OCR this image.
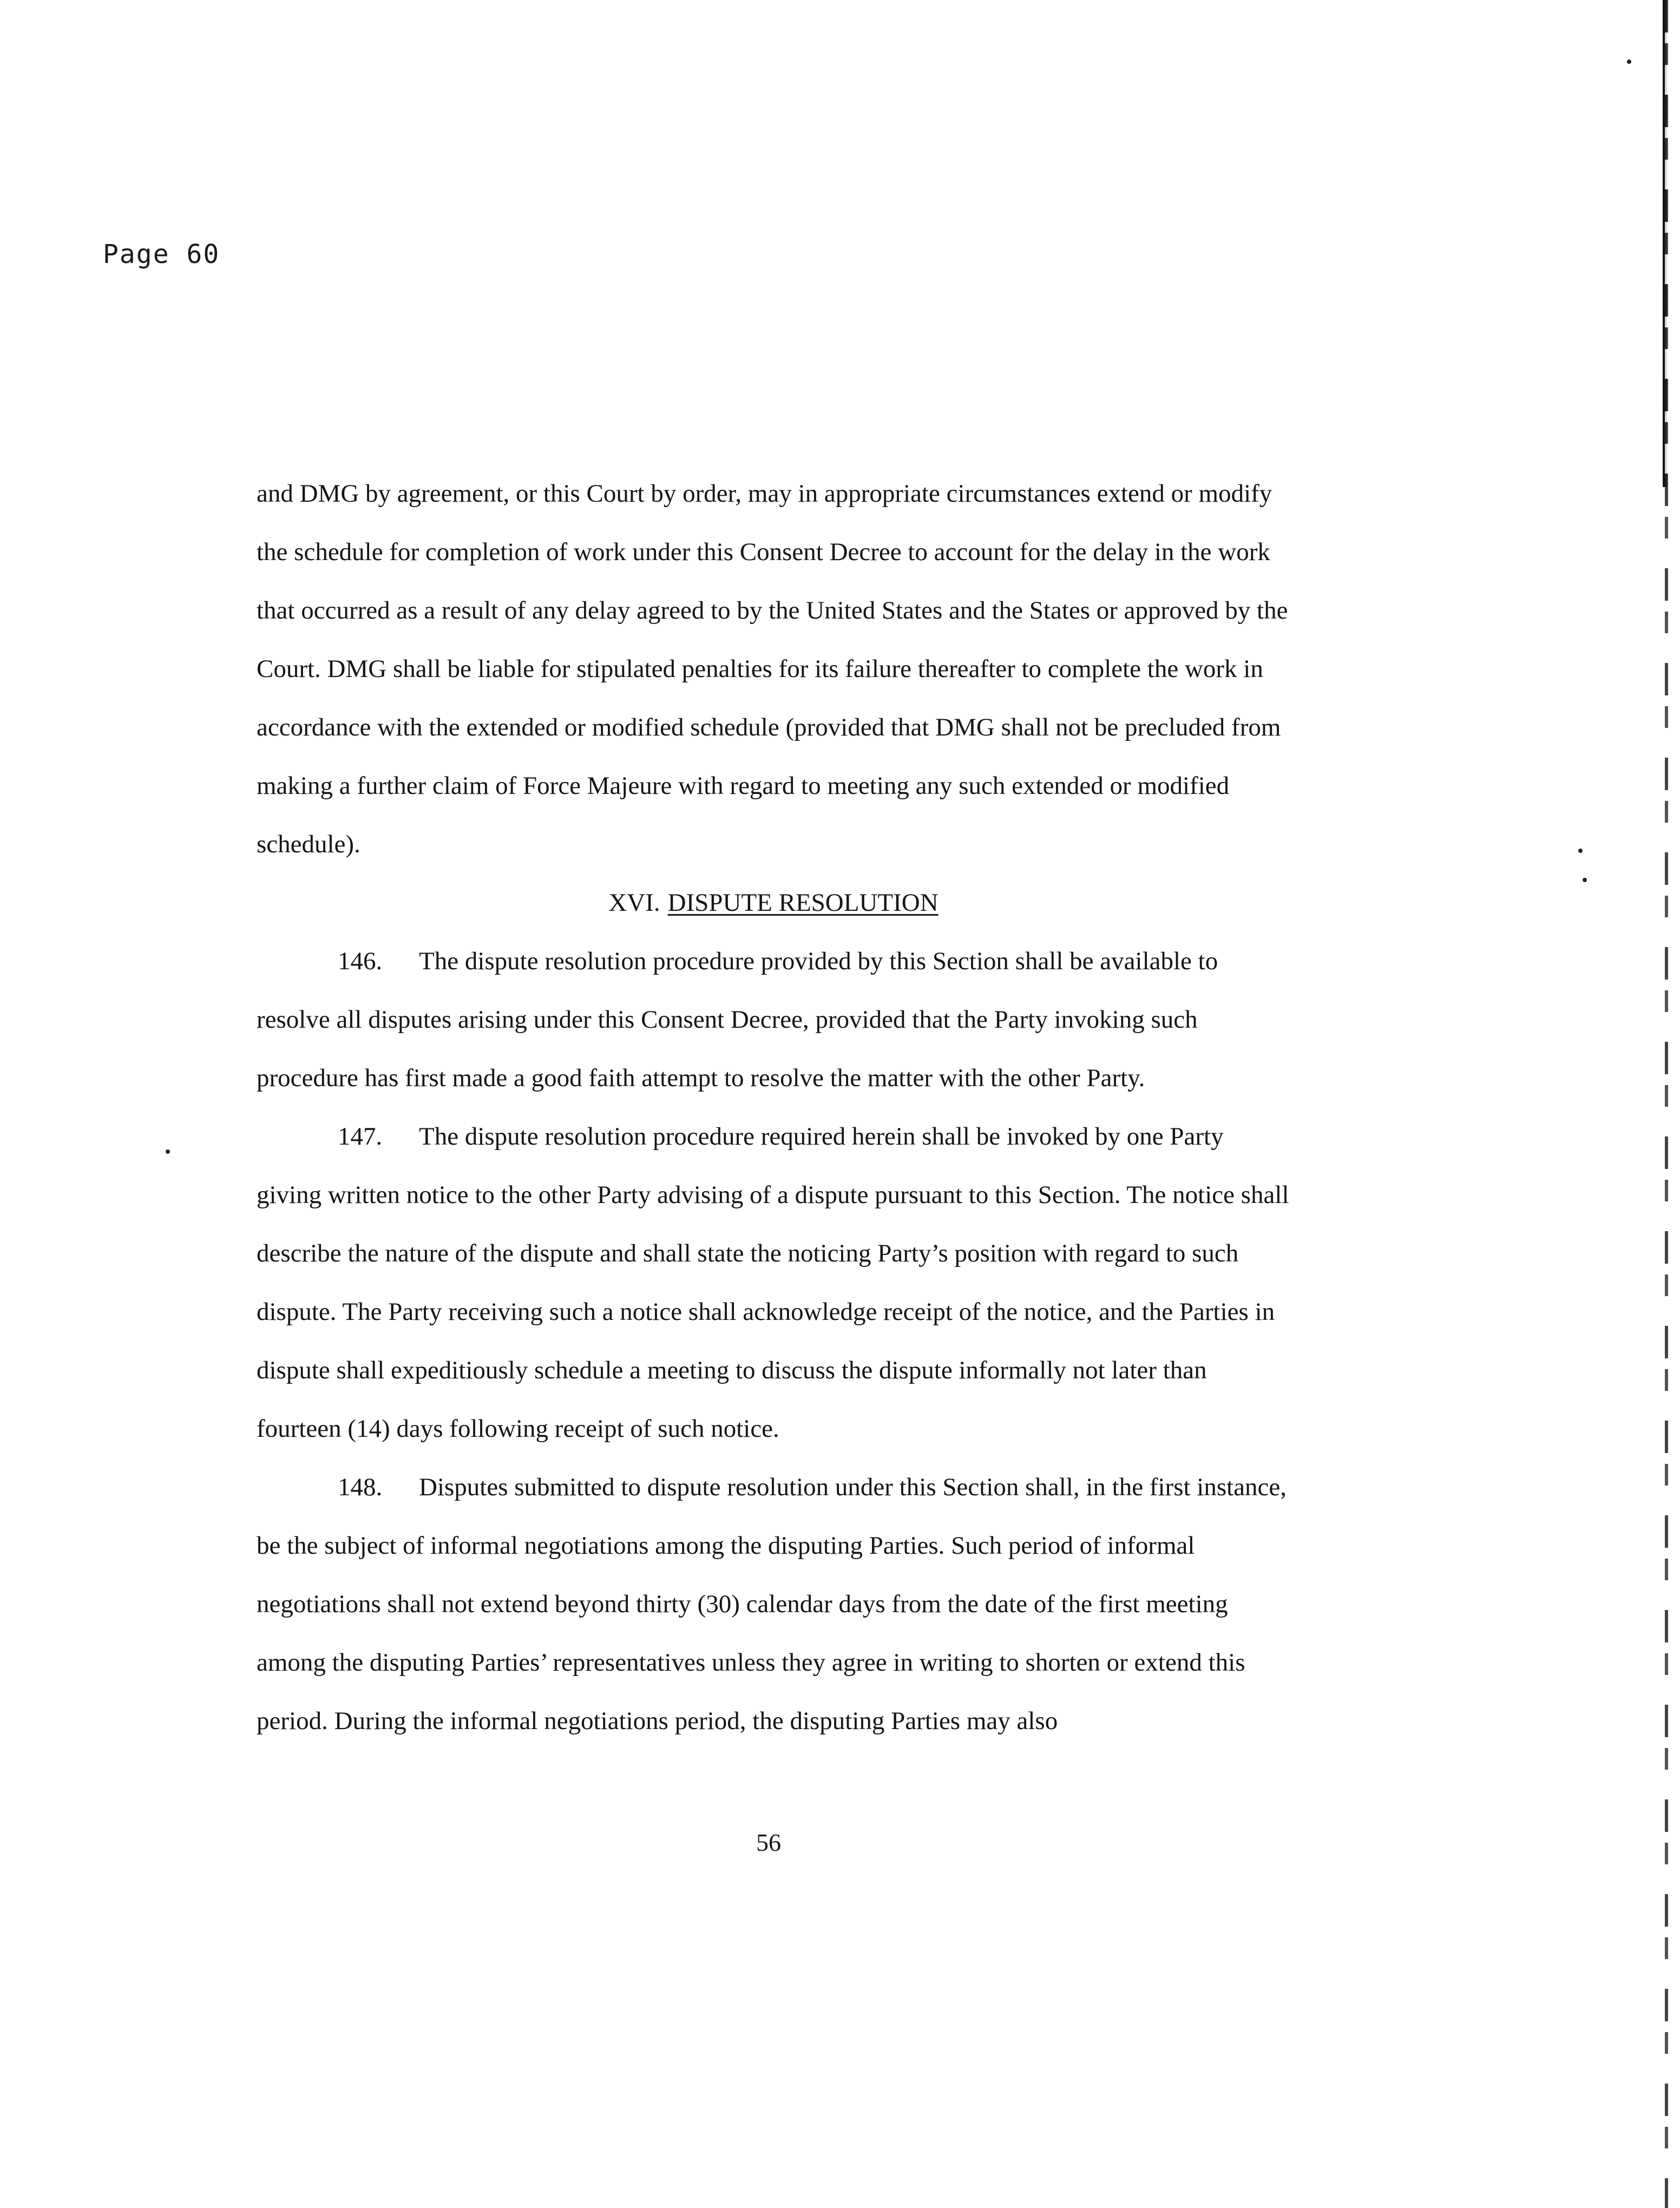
Page 60

and DMG by agreement, or this Court by order, may in appropriate circumstances extend or modify the schedule for completion of work under this Consent Decree to account for the delay in the work that occurred as a result of any delay agreed to by the United States and the States or approved by the Court. DMG shall be liable for stipulated penalties for its failure thereafter to complete the work in accordance with the extended or modified schedule (provided that DMG shall not be precluded from making a further claim of Force Majeure with regard to meeting any such extended or modified schedule).

XVI. DISPUTE RESOLUTION

146. The dispute resolution procedure provided by this Section shall be available to resolve all disputes arising under this Consent Decree, provided that the Party invoking such procedure has first made a good faith attempt to resolve the matter with the other Party.

147. The dispute resolution procedure required herein shall be invoked by one Party giving written notice to the other Party advising of a dispute pursuant to this Section. The notice shall describe the nature of the dispute and shall state the noticing Party’s position with regard to such dispute. The Party receiving such a notice shall acknowledge receipt of the notice, and the Parties in dispute shall expeditiously schedule a meeting to discuss the dispute informally not later than fourteen (14) days following receipt of such notice.

148. Disputes submitted to dispute resolution under this Section shall, in the first instance, be the subject of informal negotiations among the disputing Parties. Such period of informal negotiations shall not extend beyond thirty (30) calendar days from the date of the first meeting among the disputing Parties’ representatives unless they agree in writing to shorten or extend this period. During the informal negotiations period, the disputing Parties may also

56
